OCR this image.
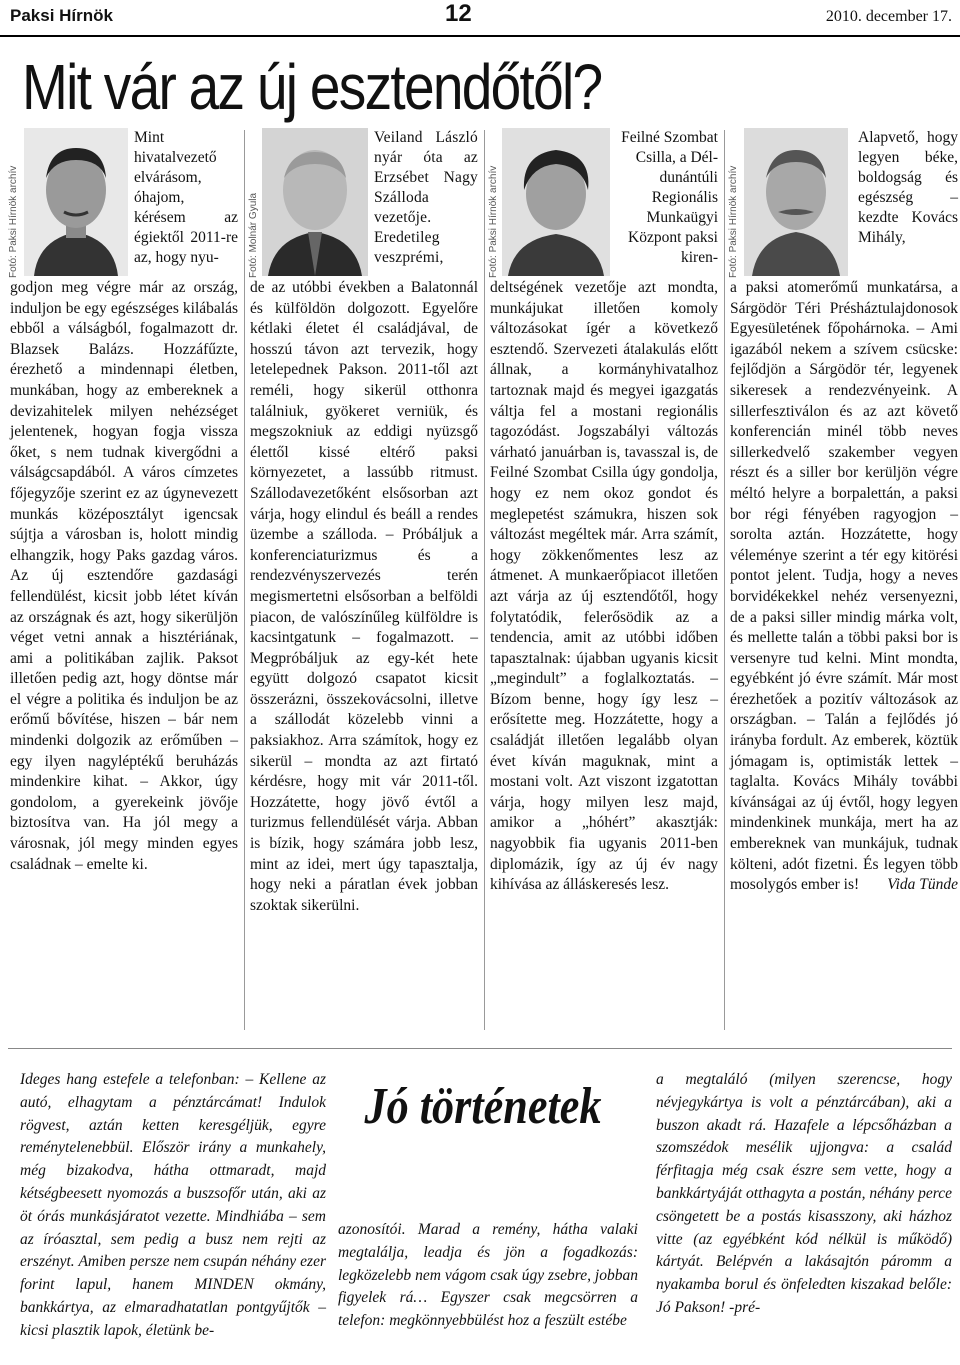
Paksi Hírnök	12	2010. december 17.
Mit vár az új esztendőtől?
Fotó: Paksi Hírnök archív
Mint hivatalvezető elvárásom, óhajom, kérésem az égiektől 2011-re az, hogy nyu-
godjon meg végre már az ország, induljon be egy egészséges kilábalás ebből a válságból, fogalmazott dr. Blazsek Balázs. Hozzáfűzte, érezhető a mindennapi életben, munkában, hogy az embereknek a devizahitelek milyen nehézséget jelentenek, hogyan fogja vissza őket, s nem tudnak kivergődni a válságcsapdából. A város címzetes főjegyzője szerint ez az úgynevezett munkás középosztályt igencsak sújtja a városban is, holott mindig elhangzik, hogy Paks gazdag város. Az új esztendőre gazdasági fellendülést, kicsit jobb létet kíván az országnak és azt, hogy sikerüljön véget vetni annak a hisztériának, ami a politikában zajlik. Paksot illetően pedig azt, hogy döntse már el végre a politika és induljon be az erőmű bővítése, hiszen – bár nem mindenki dolgozik az erőműben – egy ilyen nagyléptékű beruházás mindenkire kihat. – Akkor, úgy gondolom, a gyerekeink jövője biztosítva van. Ha jól megy a városnak, jól megy minden egyes családnak – emelte ki.
Fotó: Molnár Gyula
Veiland László nyár óta az Erzsébet Nagy Szálloda vezetője. Eredetileg veszprémi,
de az utóbbi években a Balatonnál és külföldön dolgozott. Egyelőre kétlaki életet él családjával, de hosszú távon azt tervezik, hogy letelepednek Pakson. 2011-től azt reméli, hogy sikerül otthonra találniuk, gyökeret verniük, és megszokniuk az eddigi nyüzsgő élettől kissé eltérő paksi környezetet, a lassúbb ritmust. Szállodavezetőként elsősorban azt várja, hogy elindul és beáll a rendes üzembe a szálloda. – Próbáljuk a konferenciaturizmus és a rendezvényszervezés terén megismertetni elsősorban a belföldi piacon, de valószínűleg külföldre is kacsintgatunk – fogalmazott. – Megpróbáljuk az egy-két hete együtt dolgozó csapatot kicsit összerázni, összekovácsolni, illetve a szállodát közelebb vinni a paksiakhoz. Arra számítok, hogy ez sikerül – mondta az azt firtató kérdésre, hogy mit vár 2011-től. Hozzátette, hogy jövő évtől a turizmus fellendülését várja. Abban is bízik, hogy számára jobb lesz, mint az idei, mert úgy tapasztalja, hogy neki a páratlan évek jobban szoktak sikerülni.
Fotó: Paksi Hírnök archív
Feilné Szombat Csilla, a Dél-dunántúli Regionális Munkaügyi Központ paksi kiren-
deltségének vezetője azt mondta, munkájukat illetően komoly változásokat ígér a következő esztendő. Szervezeti átalakulás előtt állnak, a kormányhivatalhoz tartoznak majd és megyei igazgatás váltja fel a mostani regionális tagozódást. Jogszabályi változás várható januárban is, tavasszal is, de Feilné Szombat Csilla úgy gondolja, hogy ez nem okoz gondot és meglepetést számukra, hiszen sok változást megéltek már. Arra számít, hogy zökkenőmentes lesz az átmenet. A munkaerőpiacot illetően azt várja az új esztendőtől, hogy folytatódik, felerősödik az a tendencia, amit az utóbbi időben tapasztalnak: újabban ugyanis kicsit „megindult” a foglalkoztatás. – Bízom benne, hogy így lesz – erősítette meg. Hozzátette, hogy a családját illetően legalább olyan évet kíván maguknak, mint a mostani volt. Azt viszont izgatottan várja, hogy milyen lesz majd, amikor a „hóhért” akasztják: nagyobbik fia ugyanis 2011-ben diplomázik, így az új év nagy kihívása az álláskeresés lesz.
Fotó: Paksi Hírnök archív
Alapvető, hogy legyen béke, boldogság és egészség – kezdte Kovács Mihály,
a paksi atomerőmű munkatársa, a Sárgödör Téri Présháztulajdonosok Egyesületének főpohárnoka. – Ami igazából nekem a szívem csücske: fejlődjön a Sárgödör tér, legyenek sikeresek a rendezvényeink. A sillerfesztiválon és az azt követő konferencián minél több neves sillerkedvelő szakember vegyen részt és a siller bor kerüljön végre méltó helyre a borpalettán, a paksi bor régi fényében ragyogjon – sorolta aztán. Hozzátette, hogy véleménye szerint a tér egy kitörési pontot jelent. Tudja, hogy a neves borvidékekkel nehéz versenyezni, de a paksi siller mindig márka volt, és mellette talán a többi paksi bor is versenyre tud kelni. Mint mondta, egyébként jó évre számít. Már most érezhetőek a pozitív változások az országban. – Talán a fejlődés jó irányba fordult. Az emberek, köztük jómagam is, optimisták lettek – taglalta. Kovács Mihály további kívánságai az új évtől, hogy legyen mindenkinek munkája, mert ha az embereknek van munkájuk, tudnak költeni, adót fizetni. És legyen több mosolygós ember is! Vida Tünde
Ideges hang estefele a telefonban: – Kellene az autó, elhagytam a pénztárcámat! Indulok rögvest, aztán ketten keresgéljük, egyre reménytelenebbül. Először irány a munkahely, még bizakodva, hátha ottmaradt, majd kétségbeesett nyomozás a buszsofőr után, aki az öt órás munkásjáratot vezette. Mindhiába – sem az íróasztal, sem pedig a busz nem rejti az erszényt. Amiben persze nem csupán néhány ezer forint lapul, hanem MINDEN okmány, bankkártya, az elmaradhatatlan pontgyűjtők – kicsi plasztik lapok, életünk be-
Jó történetek
azonosítói. Marad a remény, hátha valaki megtalálja, leadja és jön a fogadkozás: legközelebb nem vágom csak úgy zsebre, jobban figyelek rá… Egyszer csak megcsörren a telefon: megkönnyebbülést hoz a feszült estébe
a megtaláló (milyen szerencse, hogy névjegykártya is volt a pénztárcában), aki a buszon akadt rá. Hazafele a lépcsőházban a szomszédok mesélik ujjongva: a család férfitagja még csak észre sem vette, hogy a bankkártyáját otthagyta a postán, néhány perce csöngetett be a postás kisasszony, aki házhoz vitte (az egyébként kód nélkül is működő) kártyát. Belépvén a lakásajtón páromm a nyakamba borul és önfeledten kiszakad belőle: Jó Pakson! -pré-
